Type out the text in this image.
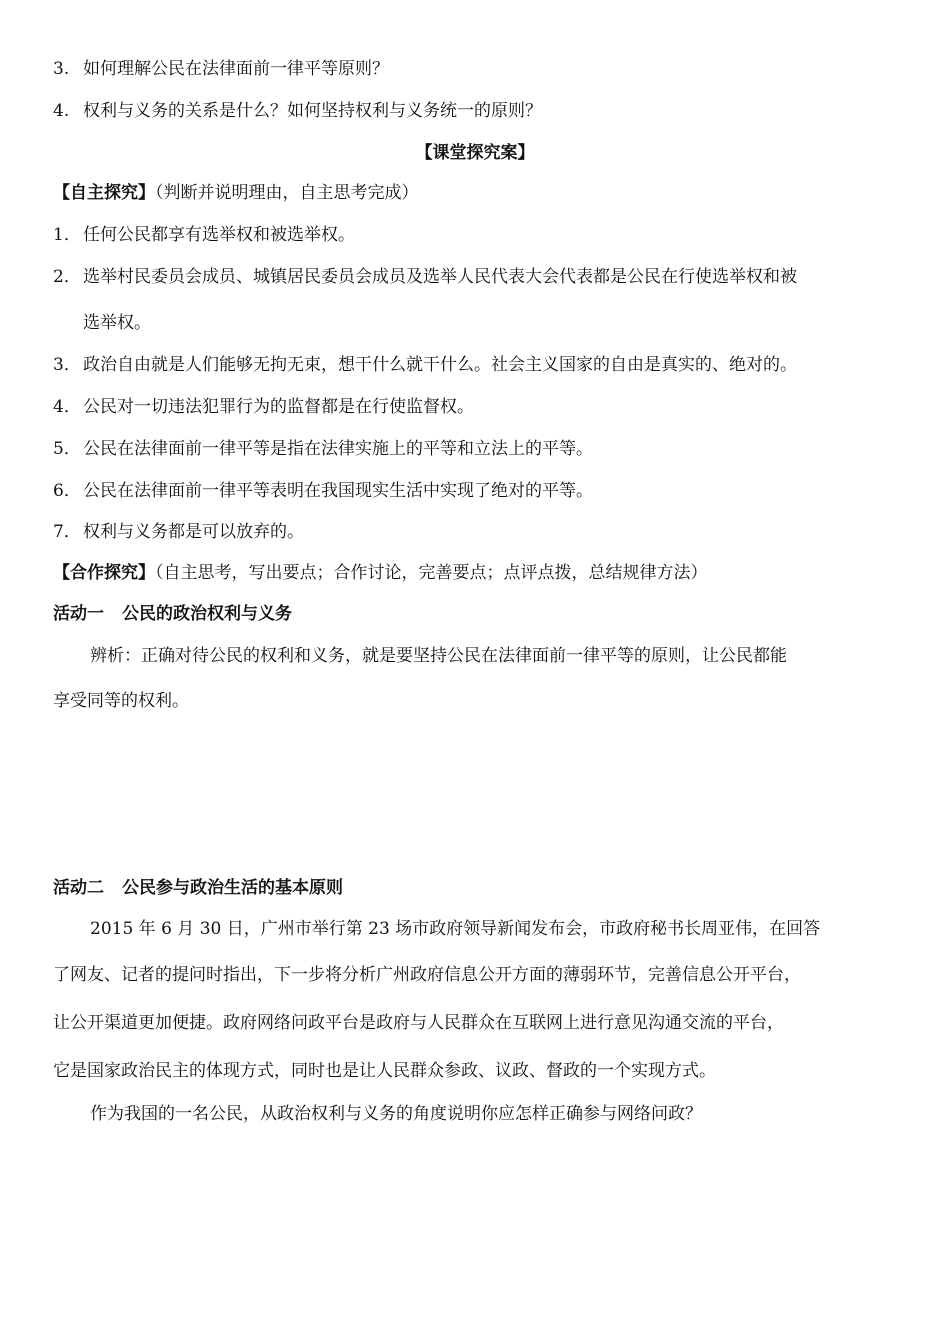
3. 如何理解公民在法律面前一律平等原则？
4. 权利与义务的关系是什么？如何坚持权利与义务统一的原则？
【课堂探究案】
【自主探究】（判断并说明理由，自主思考完成）
1． 任何公民都享有选举权和被选举权。
2． 选举村民委员会成员、城镇居民委员会成员及选举人民代表大会代表都是公民在行使选举权和被
选举权。
3． 政治自由就是人们能够无拘无束，想干什么就干什么。社会主义国家的自由是真实的、绝对的。
4． 公民对一切违法犯罪行为的监督都是在行使监督权。
5． 公民在法律面前一律平等是指在法律实施上的平等和立法上的平等。
6． 公民在法律面前一律平等表明在我国现实生活中实现了绝对的平等。
7． 权利与义务都是可以放弃的。
【合作探究】（自主思考，写出要点；合作讨论，完善要点；点评点拨，总结规律方法）
活动一 公民的政治权利与义务
辨析：正确对待公民的权利和义务，就是要坚持公民在法律面前一律平等的原则，让公民都能
享受同等的权利。
活动二 公民参与政治生活的基本原则
2015 年 6 月 30 日，广州市举行第 23 场市政府领导新闻发布会，市政府秘书长周亚伟，在回答
了网友、记者的提问时指出，下一步将分析广州政府信息公开方面的薄弱环节，完善信息公开平台，
让公开渠道更加便捷。政府网络问政平台是政府与人民群众在互联网上进行意见沟通交流的平台，
它是国家政治民主的体现方式，同时也是让人民群众参政、议政、督政的一个实现方式。
作为我国的一名公民，从政治权利与义务的角度说明你应怎样正确参与网络问政？
